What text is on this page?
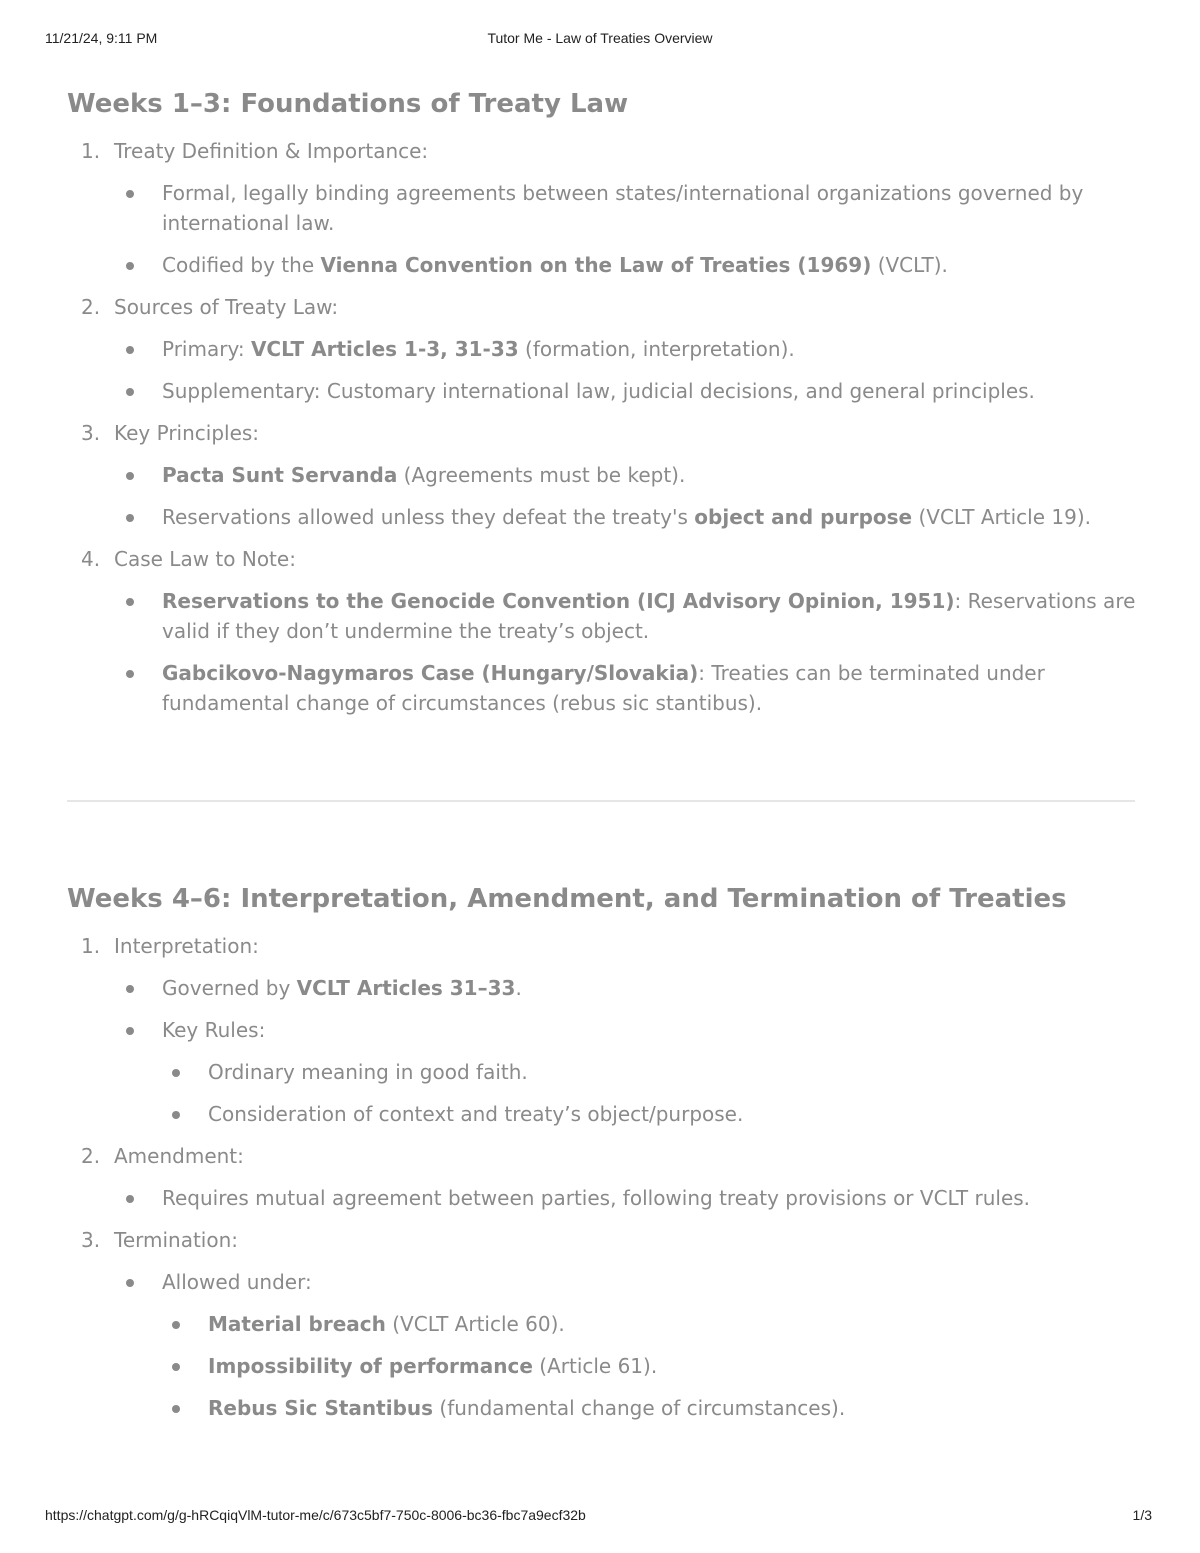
11/21/24, 9:11 PM	Tutor Me - Law of Treaties Overview
Weeks 1–3: Foundations of Treaty Law
1. Treaty Definition & Importance:
Formal, legally binding agreements between states/international organizations governed by international law.
Codified by the Vienna Convention on the Law of Treaties (1969) (VCLT).
2. Sources of Treaty Law:
Primary: VCLT Articles 1-3, 31-33 (formation, interpretation).
Supplementary: Customary international law, judicial decisions, and general principles.
3. Key Principles:
Pacta Sunt Servanda (Agreements must be kept).
Reservations allowed unless they defeat the treaty's object and purpose (VCLT Article 19).
4. Case Law to Note:
Reservations to the Genocide Convention (ICJ Advisory Opinion, 1951): Reservations are valid if they don’t undermine the treaty’s object.
Gabcikovo-Nagymaros Case (Hungary/Slovakia): Treaties can be terminated under fundamental change of circumstances (rebus sic stantibus).
Weeks 4–6: Interpretation, Amendment, and Termination of Treaties
1. Interpretation:
Governed by VCLT Articles 31–33.
Key Rules:
Ordinary meaning in good faith.
Consideration of context and treaty’s object/purpose.
2. Amendment:
Requires mutual agreement between parties, following treaty provisions or VCLT rules.
3. Termination:
Allowed under:
Material breach (VCLT Article 60).
Impossibility of performance (Article 61).
Rebus Sic Stantibus (fundamental change of circumstances).
https://chatgpt.com/g/g-hRCqiqVlM-tutor-me/c/673c5bf7-750c-8006-bc36-fbc7a9ecf32b	1/3
